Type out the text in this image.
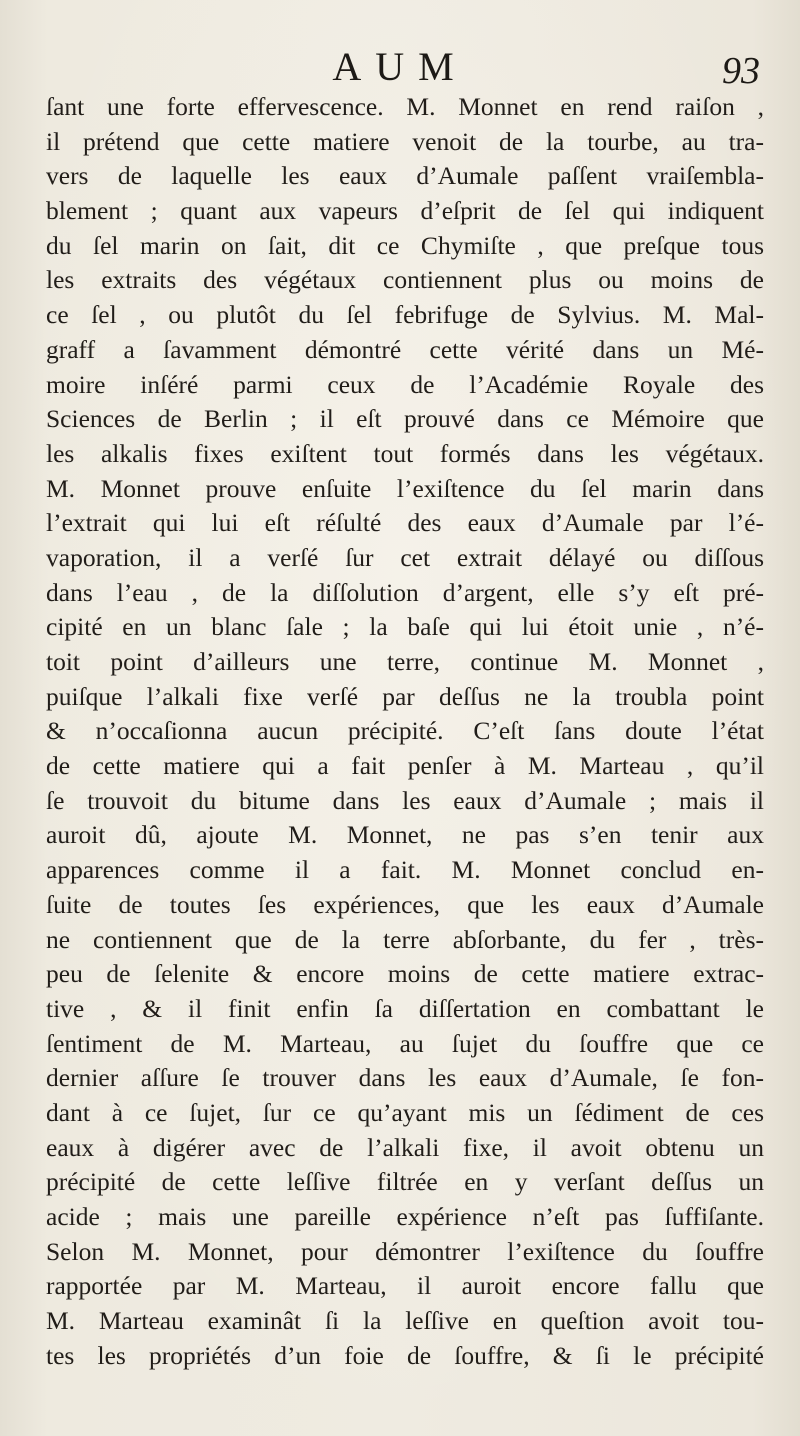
AUM	93
ſant une forte effervescence. M. Monnet en rend raiſon ,
il prétend que cette matiere venoit de la tourbe, au tra-
vers de laquelle les eaux d’Aumale paſſent vraiſembla-
blement ; quant aux vapeurs d’eſprit de ſel qui indiquent
du ſel marin on ſait, dit ce Chymiſte , que preſque tous
les extraits des végétaux contiennent plus ou moins de
ce ſel , ou plutôt du ſel febrifuge de Sylvius. M. Mal-
graff a ſavamment démontré cette vérité dans un Mé-
moire inſéré parmi ceux de l’Académie Royale des
Sciences de Berlin ; il eſt prouvé dans ce Mémoire que
les alkalis fixes exiſtent tout formés dans les végétaux.
M. Monnet prouve enſuite l’exiſtence du ſel marin dans
l’extrait qui lui eſt réſulté des eaux d’Aumale par l’é-
vaporation, il a verſé ſur cet extrait délayé ou diſſous
dans l’eau , de la diſſolution d’argent, elle s’y eſt pré-
cipité en un blanc ſale ; la baſe qui lui étoit unie , n’é-
toit point d’ailleurs une terre, continue M. Monnet ,
puiſque l’alkali fixe verſé par deſſus ne la troubla point
& n’occaſionna aucun précipité. C’eſt ſans doute l’état
de cette matiere qui a fait penſer à M. Marteau , qu’il
ſe trouvoit du bitume dans les eaux d’Aumale ; mais il
auroit dû, ajoute M. Monnet, ne pas s’en tenir aux
apparences comme il a fait. M. Monnet conclud en-
ſuite de toutes ſes expériences, que les eaux d’Aumale
ne contiennent que de la terre abſorbante, du fer , très-
peu de ſelenite & encore moins de cette matiere extrac-
tive , & il finit enfin ſa diſſertation en combattant le
ſentiment de M. Marteau, au ſujet du ſouffre que ce
dernier aſſure ſe trouver dans les eaux d’Aumale, ſe fon-
dant à ce ſujet, ſur ce qu’ayant mis un ſédiment de ces
eaux à digérer avec de l’alkali fixe, il avoit obtenu un
précipité de cette leſſive filtrée en y verſant deſſus un
acide ; mais une pareille expérience n’eſt pas ſuffiſante.
Selon M. Monnet, pour démontrer l’exiſtence du ſouffre
rapportée par M. Marteau, il auroit encore fallu que
M. Marteau examinât ſi la leſſive en queſtion avoit tou-
tes les propriétés d’un foie de ſouffre, & ſi le précipité
